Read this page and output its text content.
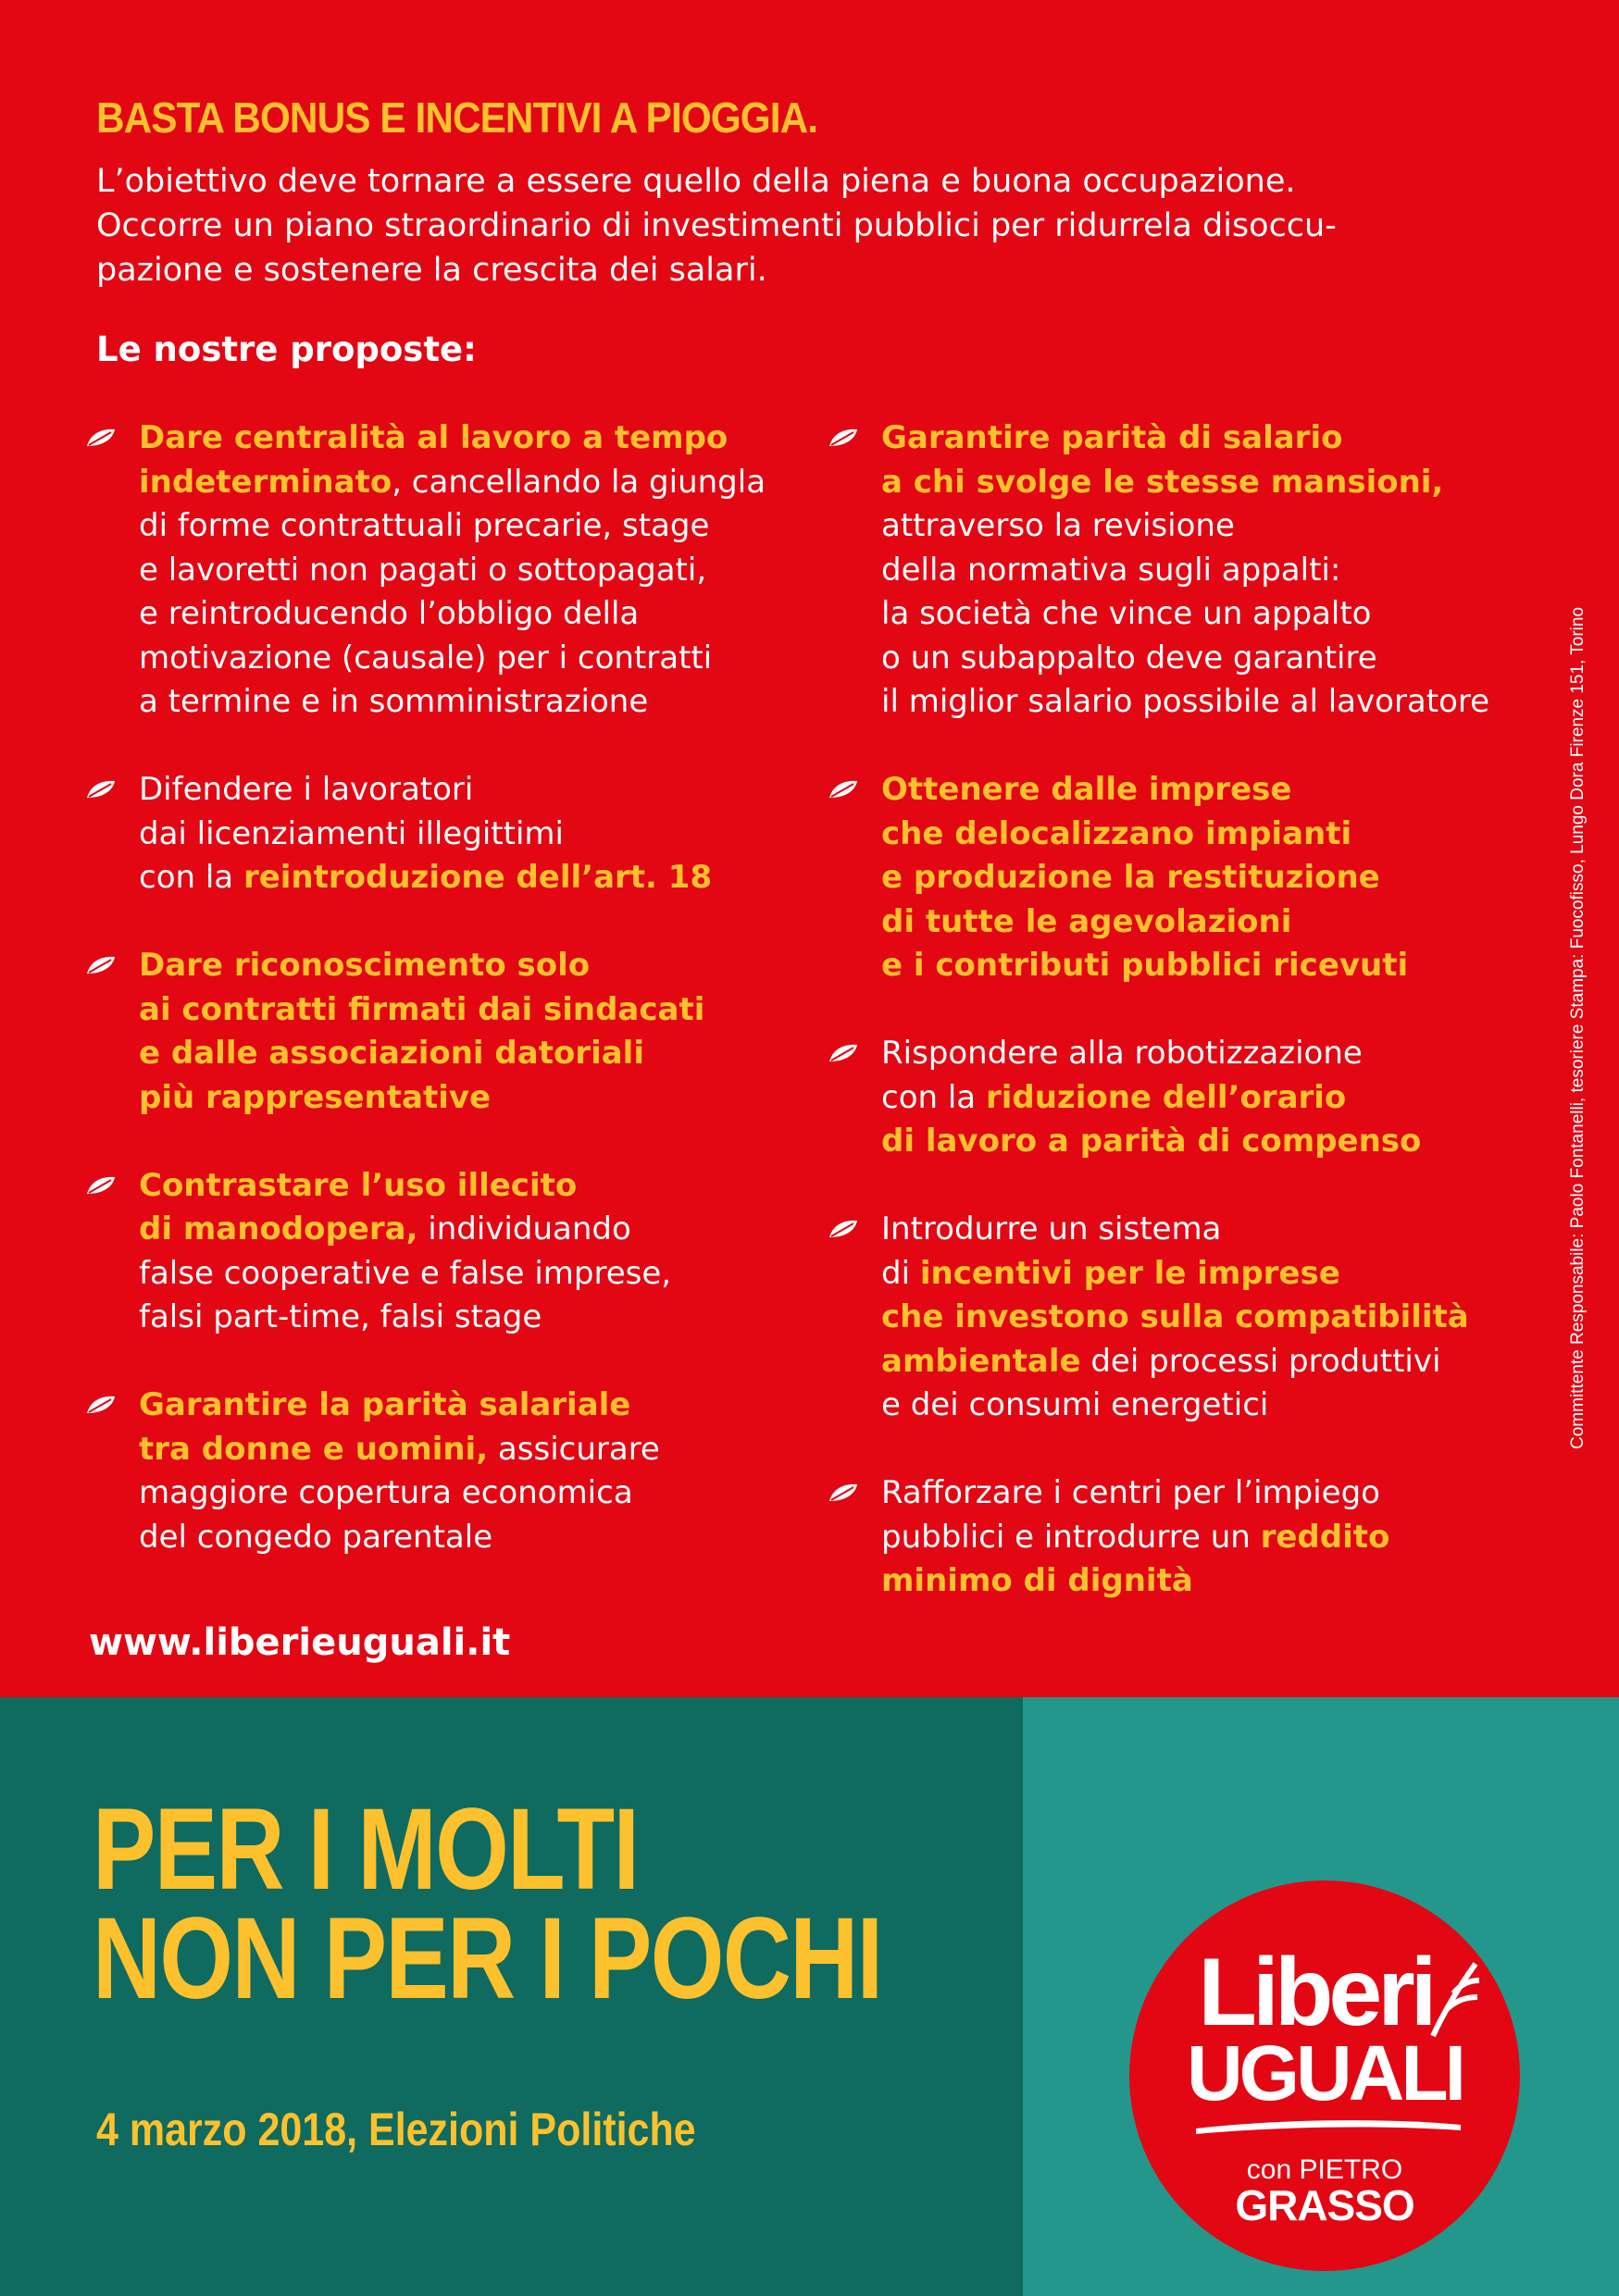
BASTA BONUS E INCENTIVI A PIOGGIA.
L’obiettivo deve tornare a essere quello della piena e buona occupazione.
Occorre un piano straordinario di investimenti pubblici per ridurrela disoccu-
pazione e sostenere la crescita dei salari.
Le nostre proposte:
Dare centralità al lavoro a tempo
indeterminato, cancellando la giungla
di forme contrattuali precarie, stage
e lavoretti non pagati o sottopagati,
e reintroducendo l’obbligo della
motivazione (causale) per i contratti
a termine e in somministrazione
Difendere i lavoratori
dai licenziamenti illegittimi
con la reintroduzione dell’art. 18
Dare riconoscimento solo
ai contratti firmati dai sindacati
e dalle associazioni datoriali
più rappresentative
Contrastare l’uso illecito
di manodopera, individuando
false cooperative e false imprese,
falsi part-time, falsi stage
Garantire la parità salariale
tra donne e uomini, assicurare
maggiore copertura economica
del congedo parentale
Garantire parità di salario
a chi svolge le stesse mansioni,
attraverso la revisione
della normativa sugli appalti:
la società che vince un appalto
o un subappalto deve garantire
il miglior salario possibile al lavoratore
Ottenere dalle imprese
che delocalizzano impianti
e produzione la restituzione
di tutte le agevolazioni
e i contributi pubblici ricevuti
Rispondere alla robotizzazione
con la riduzione dell’orario
di lavoro a parità di compenso
Introdurre un sistema
di incentivi per le imprese
che investono sulla compatibilità
ambientale dei processi produttivi
e dei consumi energetici
Rafforzare i centri per l’impiego
pubblici e introdurre un reddito
minimo di dignità

www.liberieuguali.it

Committente Responsabile: Paolo Fontanelli, tesoriere Stampa: Fuocofisso, Lungo Dora Firenze 151, Torino
PER I MOLTI
NON PER I POCHI

4 marzo 2018, Elezioni Politiche

Liberi
UGUALI
con PIETRO
GRASSO
